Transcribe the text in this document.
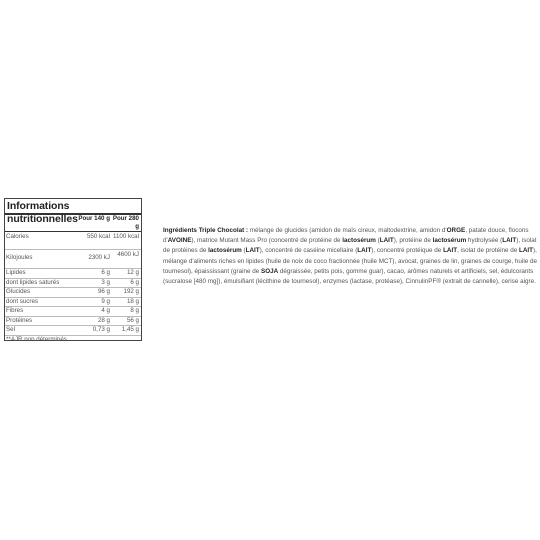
Informations nutritionnelles Pour 140 g Pour 280 g
Calories	550 kcal 1100 kcal
Kilojoules	2300 kJ	4600 kJ
Lipides	6 g	12 g
dont lipides saturés	3 g	6 g
Glucides	96 g	192 g
dont sucres	9 g	18 g
Fibres	4 g	8 g
Protéines	28 g	56 g
Sel	0,73 g	1,45 g
**AJR non déterminés
Ingrédients Triple Chocolat : mélange de glucides (amidon de maïs cireux, maltodextrine, amidon d'ORGE, patate douce, flocons d'AVOINE), matrice Mutant Mass Pro (concentré de protéine de lactosérum (LAIT), protéine de lactosérum hydrolysée (LAIT), isolat de protéines de lactosérum (LAIT), concentré de caséine micellaire (LAIT), concentré protéique de LAIT, isolat de protéine de LAIT), mélange d'aliments riches en lipides (huile de noix de coco fractionnée (huile MCT), avocat, graines de lin, graines de courge, huile de tournesol), épaississant (graine de SOJA dégraissée, petits pois, gomme guar), cacao, arômes naturels et artificiels, sel, édulcorants (sucralose [480 mg]), émulsifiant (lécithine de tournesol), enzymes (lactase, protéase), CinnulinPF® (extrait de cannelle), cerise aigre.
